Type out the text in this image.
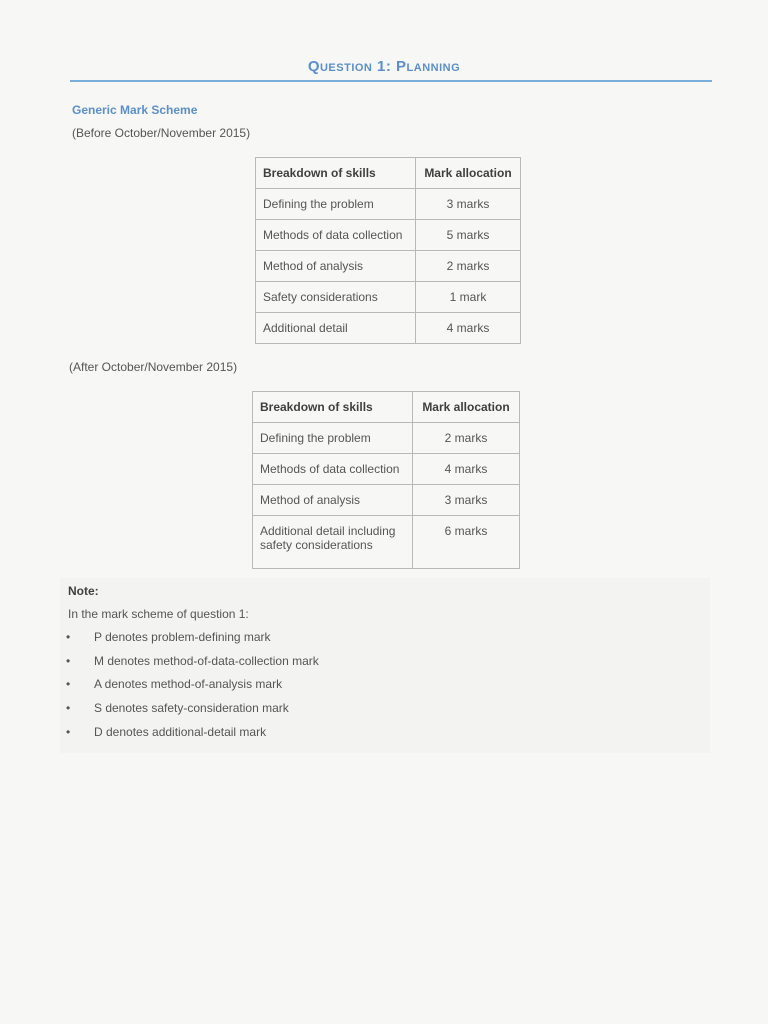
Question 1: Planning
Generic Mark Scheme
(Before October/November 2015)
Breakdown of skills	Mark allocation
Defining the problem	3 marks
Methods of data collection	5 marks
Method of analysis	2 marks
Safety considerations	1 mark
Additional detail	4 marks
(After October/November 2015)
Breakdown of skills	Mark allocation
Defining the problem	2 marks
Methods of data collection	4 marks
Method of analysis	3 marks
Additional detail including safety considerations	6 marks
Note:
In the mark scheme of question 1:
• P denotes problem-defining mark
• M denotes method-of-data-collection mark
• A denotes method-of-analysis mark
• S denotes safety-consideration mark
• D denotes additional-detail mark
